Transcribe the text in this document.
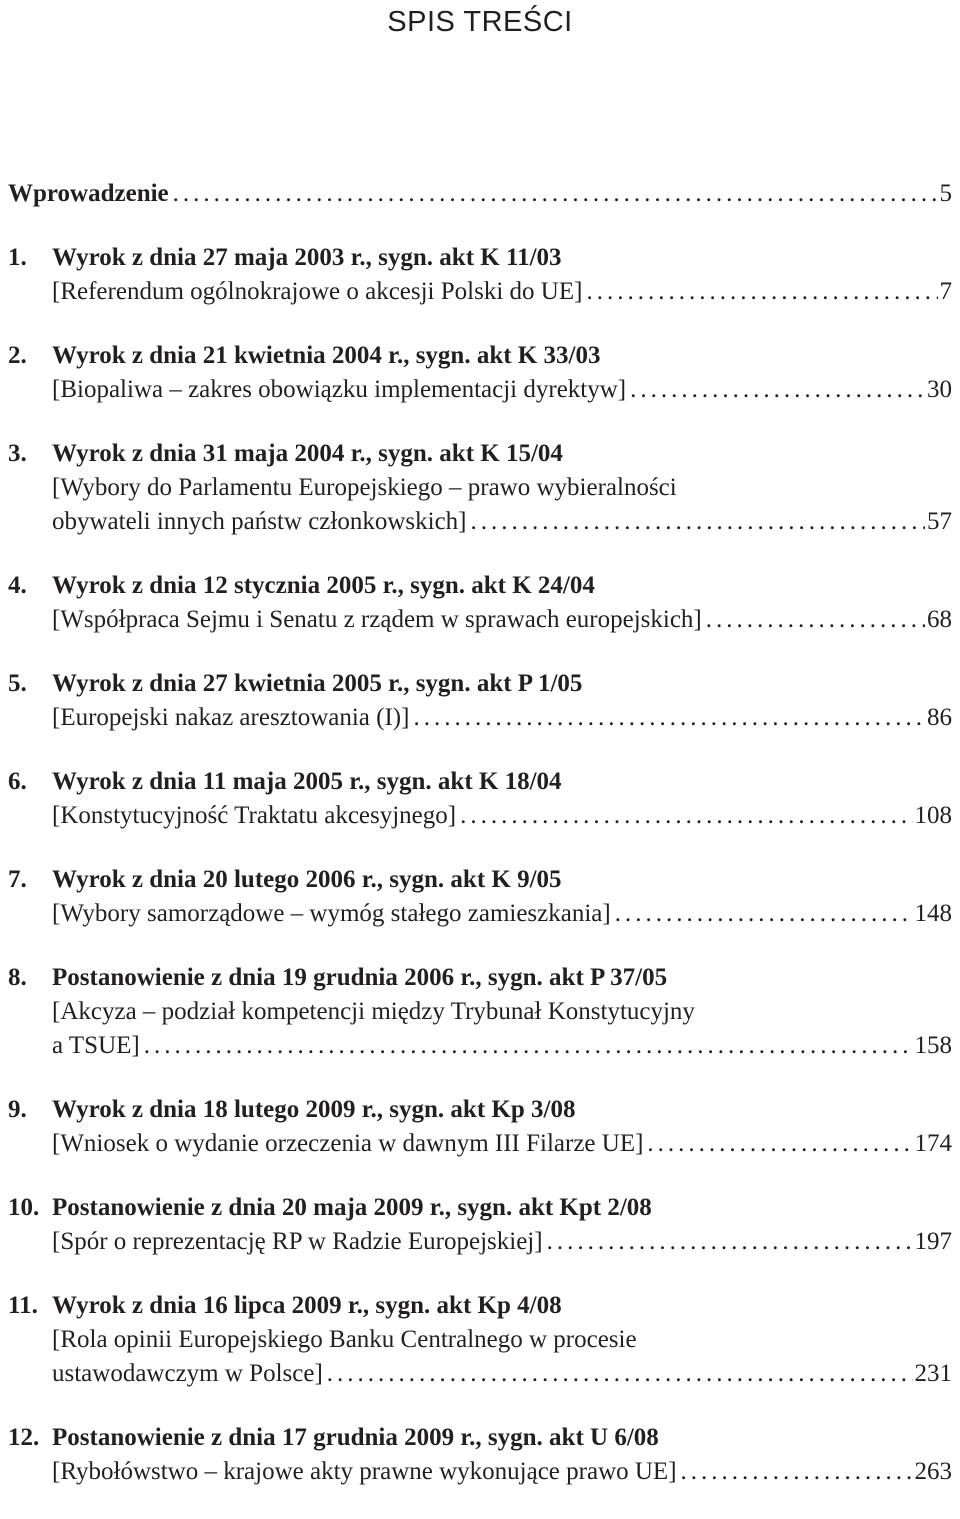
SPIS TREŚCI
Wprowadzenie .....	5
1.	Wyrok z dnia 27 maja 2003 r., sygn. akt K 11/03
[Referendum ogólnokrajowe o akcesji Polski do UE] .....	7
2.	Wyrok z dnia 21 kwietnia 2004 r., sygn. akt K 33/03
[Biopaliwa – zakres obowiązku implementacji dyrektyw] .....	30
3.	Wyrok z dnia 31 maja 2004 r., sygn. akt K 15/04
[Wybory do Parlamentu Europejskiego – prawo wybieralności
obywateli innych państw członkowskich] .....	57
4.	Wyrok z dnia 12 stycznia 2005 r., sygn. akt K 24/04
[Współpraca Sejmu i Senatu z rządem w sprawach europejskich] .....	68
5.	Wyrok z dnia 27 kwietnia 2005 r., sygn. akt P 1/05
[Europejski nakaz aresztowania (I)] .....	86
6.	Wyrok z dnia 11 maja 2005 r., sygn. akt K 18/04
[Konstytucyjność Traktatu akcesyjnego] .....	108
7.	Wyrok z dnia 20 lutego 2006 r., sygn. akt K 9/05
[Wybory samorządowe – wymóg stałego zamieszkania] .....	148
8.	Postanowienie z dnia 19 grudnia 2006 r., sygn. akt P 37/05
[Akcyza – podział kompetencji między Trybunał Konstytucyjny
a TSUE] .....	158
9.	Wyrok z dnia 18 lutego 2009 r., sygn. akt Kp 3/08
[Wniosek o wydanie orzeczenia w dawnym III Filarze UE] .....	174
10. Postanowienie z dnia 20 maja 2009 r., sygn. akt Kpt 2/08
[Spór o reprezentację RP w Radzie Europejskiej] .....	197
11. Wyrok z dnia 16 lipca 2009 r., sygn. akt Kp 4/08
[Rola opinii Europejskiego Banku Centralnego w procesie
ustawodawczym w Polsce] .....	231
12. Postanowienie z dnia 17 grudnia 2009 r., sygn. akt U 6/08
[Rybołówstwo – krajowe akty prawne wykonujące prawo UE] .....	263
